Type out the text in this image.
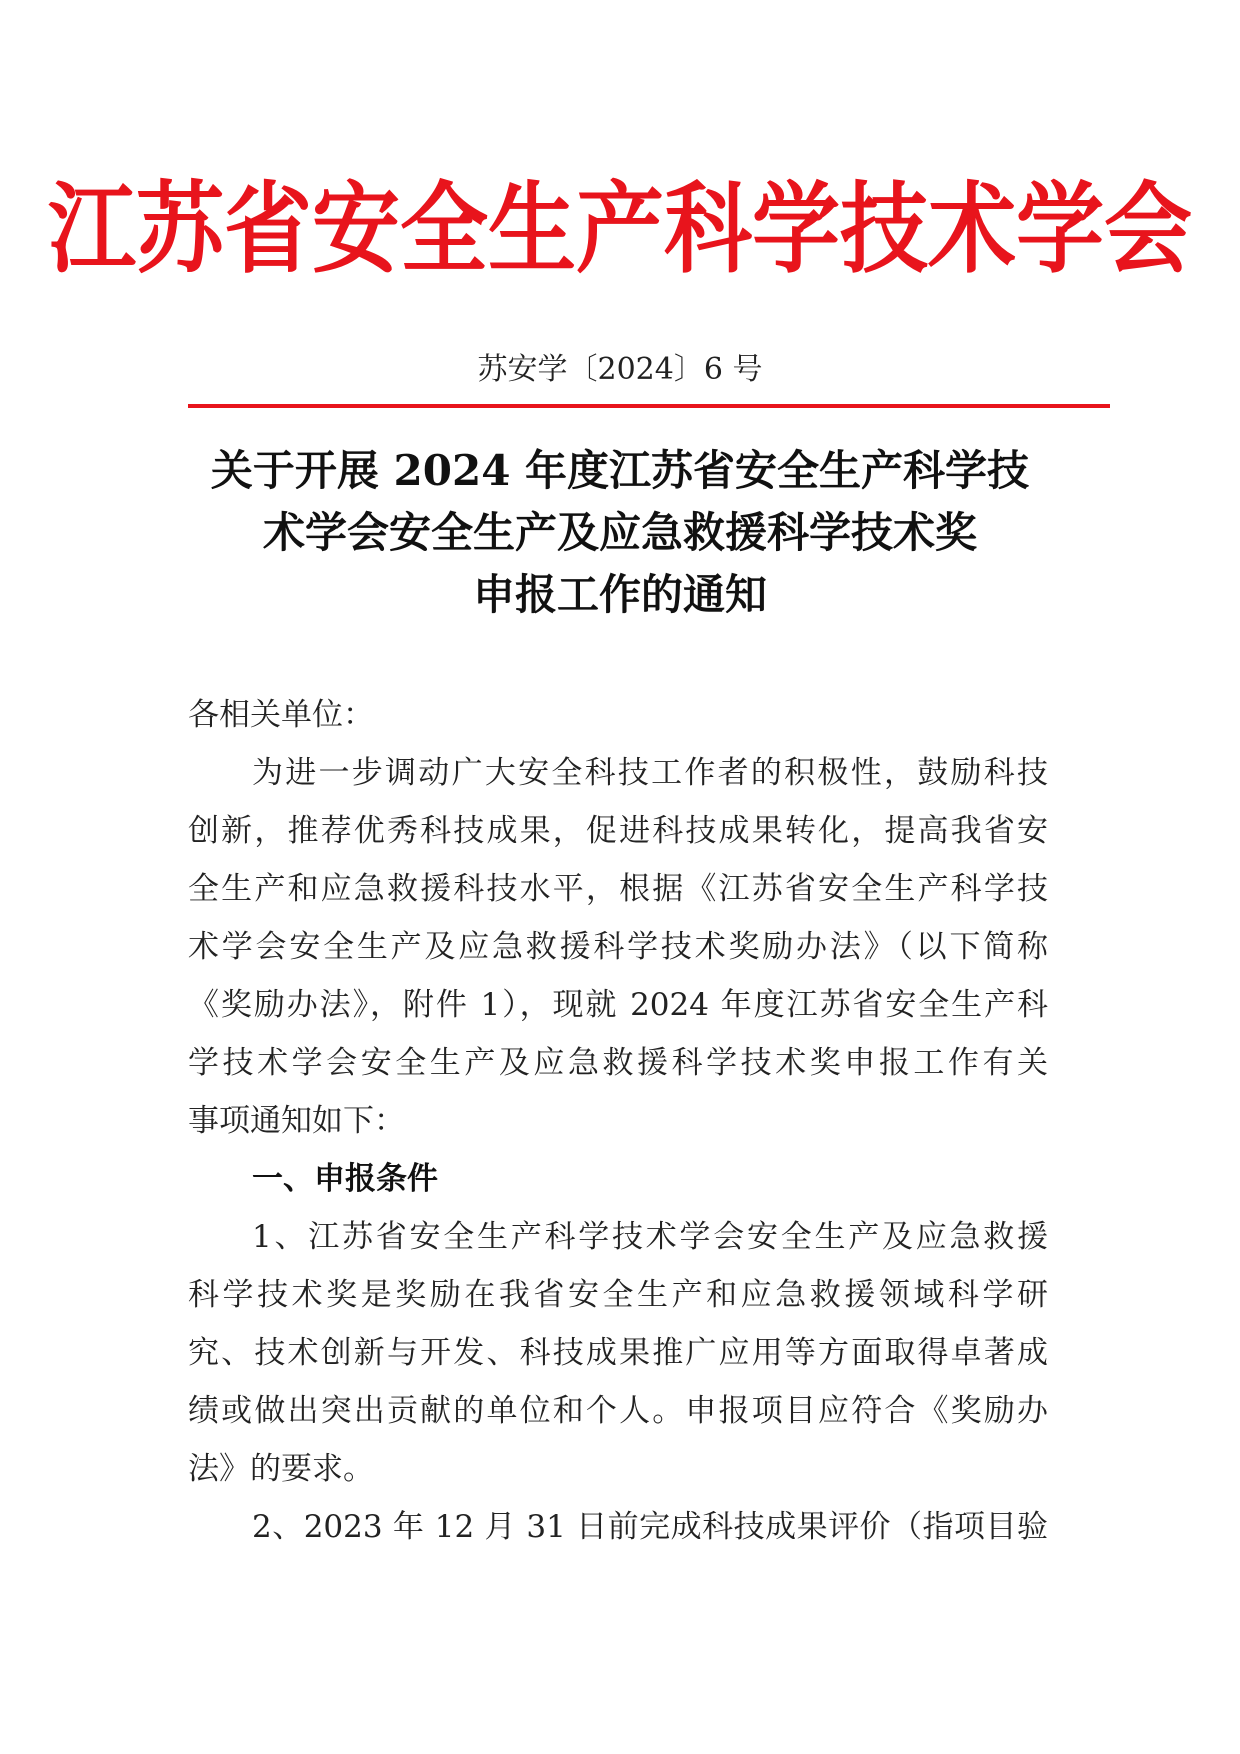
江苏省安全生产科学技术学会
苏安学〔2024〕6 号
关于开展 2024 年度江苏省安全生产科学技
术学会安全生产及应急救援科学技术奖
申报工作的通知
各相关单位：
为进一步调动广大安全科技工作者的积极性，鼓励科技
创新，推荐优秀科技成果，促进科技成果转化，提高我省安
全生产和应急救援科技水平，根据《江苏省安全生产科学技
术学会安全生产及应急救援科学技术奖励办法》（以下简称
《奖励办法》，附件 1），现就 2024 年度江苏省安全生产科
学技术学会安全生产及应急救援科学技术奖申报工作有关
事项通知如下：
一、申报条件
1、江苏省安全生产科学技术学会安全生产及应急救援
科学技术奖是奖励在我省安全生产和应急救援领域科学研
究、技术创新与开发、科技成果推广应用等方面取得卓著成
绩或做出突出贡献的单位和个人。申报项目应符合《奖励办
法》的要求。
2、2023 年 12 月 31 日前完成科技成果评价（指项目验
